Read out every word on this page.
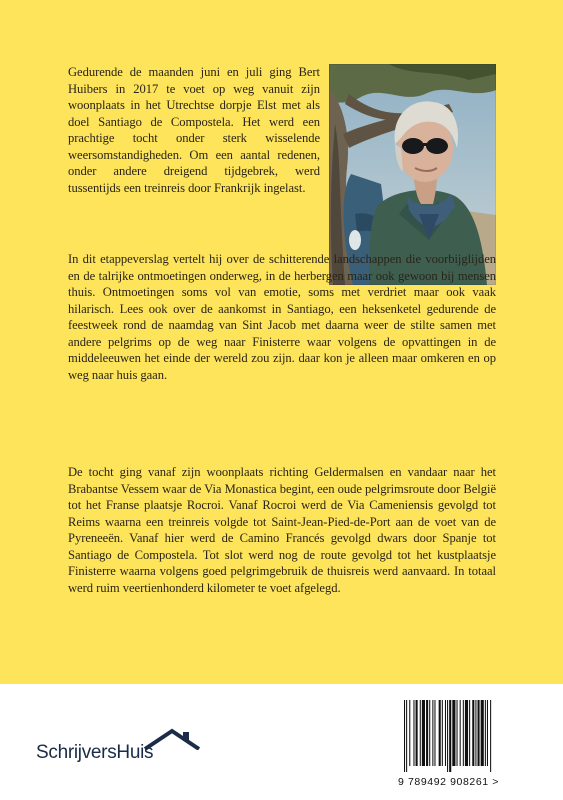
Gedurende de maanden juni en juli ging Bert Huibers in 2017 te voet op weg vanuit zijn woonplaats in het Utrechtse dorpje Elst met als doel Santiago de Compostela. Het werd een prachtige tocht onder sterk wisselende weersomstandigheden. Om een aantal redenen, onder andere dreigend tijdgebrek, werd tussentijds een treinreis door Frankrijk ingelast.

In dit etappeverslag vertelt hij over de schitterende landschappen die voorbijglijden en de talrijke ontmoetingen onderweg, in de herbergen maar ook gewoon bij mensen thuis. Ontmoetingen soms vol van emotie, soms met verdriet maar ook vaak hilarisch. Lees ook over de aankomst in Santiago, een heksenketel gedurende de feestweek rond de naamdag van Sint Jacob met daarna weer de stilte samen met andere pelgrims op de weg naar Finisterre waar volgens de opvattingen in de middeleeuwen het einde der wereld zou zijn. daar kon je alleen maar omkeren en op weg naar huis gaan.

De tocht ging vanaf zijn woonplaats richting Geldermalsen en vandaar naar het Brabantse Vessem waar de Via Monastica begint, een oude pelgrimsroute door België tot het Franse plaatsje Rocroi. Vanaf Rocroi werd de Via Cameniensis gevolgd tot Reims waarna een treinreis volgde tot Saint-Jean-Pied-de-Port aan de voet van de Pyreneeën. Vanaf hier werd de Camino Francés gevolgd dwars door Spanje tot Santiago de Compostela. Tot slot werd nog de route gevolgd tot het kustplaatsje Finisterre waarna volgens goed pelgrimgebruik de thuisreis werd aanvaard. In totaal werd ruim veertienhonderd kilometer te voet afgelegd.

SchrijversHuis

9 789492 908261 >
